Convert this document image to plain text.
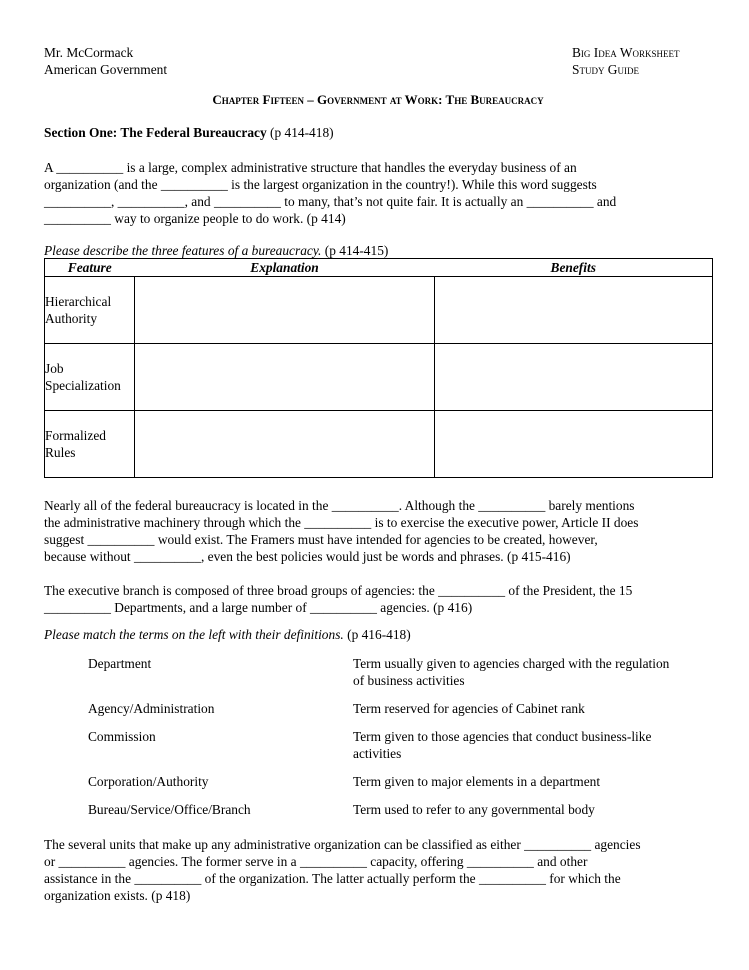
Mr. McCormack
American Government
Big Idea Worksheet
Study Guide
Chapter Fifteen – Government at Work: The Bureaucracy
Section One: The Federal Bureaucracy (p 414-418)
A __________ is a large, complex administrative structure that handles the everyday business of an
organization (and the __________ is the largest organization in the country!). While this word suggests
__________, __________, and __________ to many, that’s not quite fair. It is actually an __________ and
__________ way to organize people to do work. (p 414)
Please describe the three features of a bureaucracy. (p 414-415)
Feature	Explanation	Benefits

Hierarchical
Authority		

Job
Specialization		

Formalized
Rules		

Nearly all of the federal bureaucracy is located in the __________. Although the __________ barely mentions
the administrative machinery through which the __________ is to exercise the executive power, Article II does
suggest __________ would exist. The Framers must have intended for agencies to be created, however,
because without __________, even the best policies would just be words and phrases. (p 415-416)
The executive branch is composed of three broad groups of agencies: the __________ of the President, the 15
__________ Departments, and a large number of __________ agencies. (p 416)
Please match the terms on the left with their definitions. (p 416-418)
Department	Term usually given to agencies charged with the regulation
of business activities
Agency/Administration	Term reserved for agencies of Cabinet rank
Commission	Term given to those agencies that conduct business-like
activities
Corporation/Authority	Term given to major elements in a department
Bureau/Service/Office/Branch	Term used to refer to any governmental body
The several units that make up any administrative organization can be classified as either __________ agencies
or __________ agencies. The former serve in a __________ capacity, offering __________ and other
assistance in the __________ of the organization. The latter actually perform the __________ for which the
organization exists. (p 418)
